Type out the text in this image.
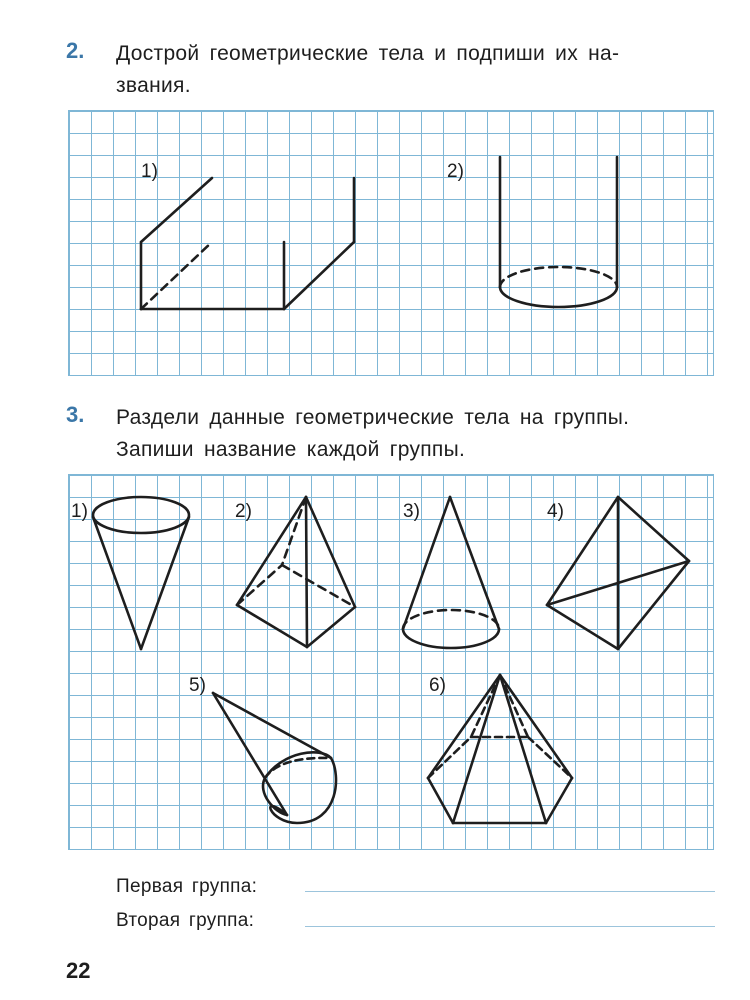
2. Дострой геометрические тела и подпиши их на-
звания.
1)	2)
3. Раздели данные геометрические тела на группы.
Запиши название каждой группы.
1)	2)	3)	4)
5)	6)
Первая группа:
Вторая группа:
22
